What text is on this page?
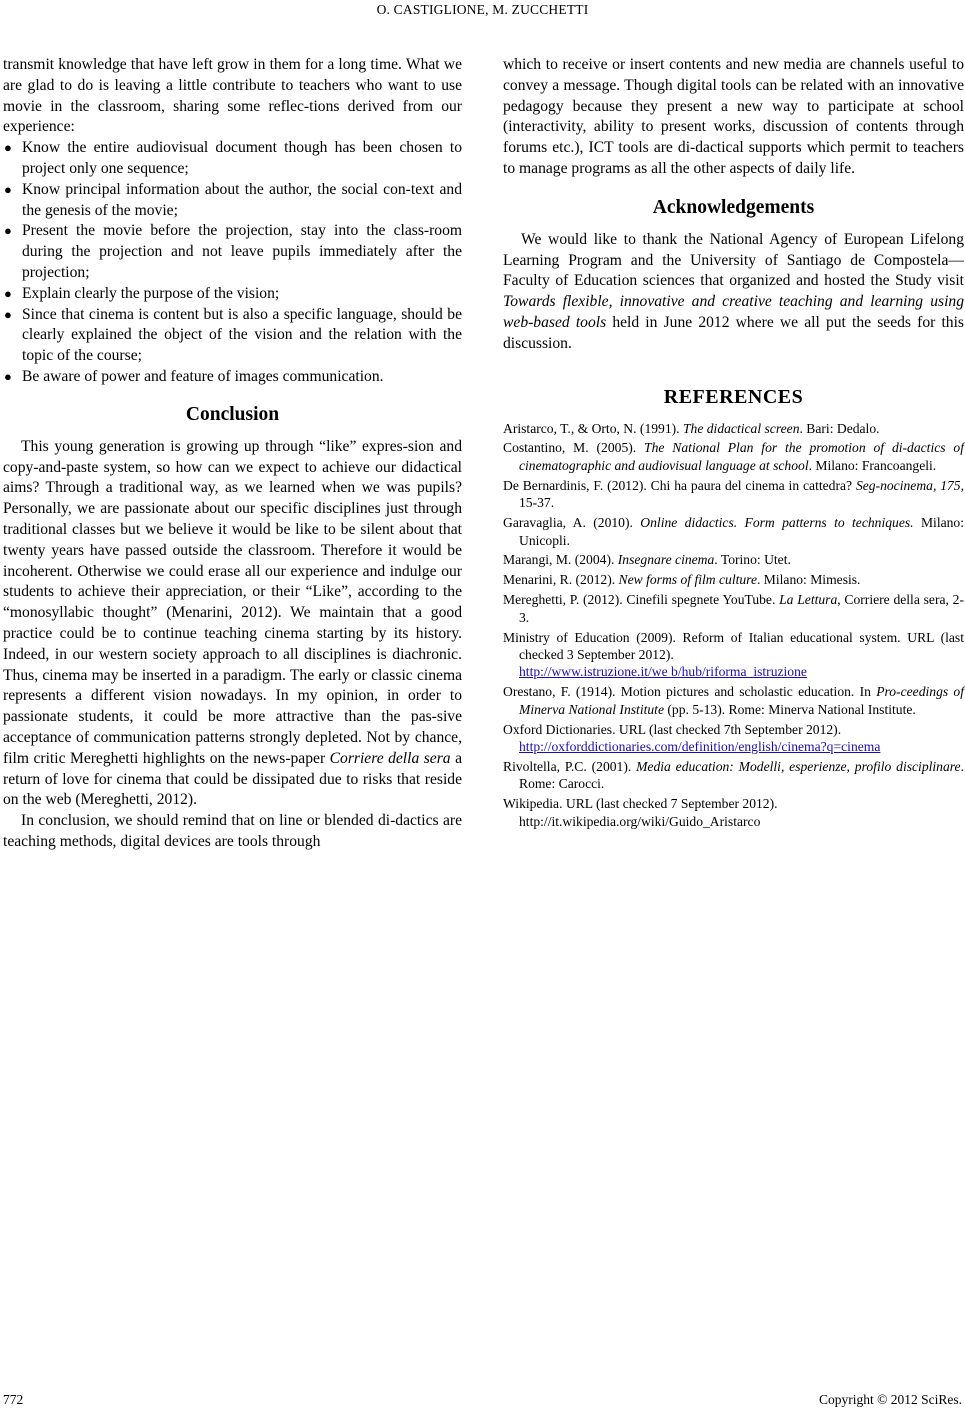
O. CASTIGLIONE, M. ZUCCHETTI

transmit knowledge that have left grow in them for a long time. What we are glad to do is leaving a little contribute to teachers who want to use movie in the classroom, sharing some reflec-tions derived from our experience:

● Know the entire audiovisual document though has been chosen to project only one sequence;
● Know principal information about the author, the social con-text and the genesis of the movie;
● Present the movie before the projection, stay into the class-room during the projection and not leave pupils immediately after the projection;
● Explain clearly the purpose of the vision;
● Since that cinema is content but is also a specific language, should be clearly explained the object of the vision and the relation with the topic of the course;
● Be aware of power and feature of images communication.
Conclusion

This young generation is growing up through “like” expres-sion and copy-and-paste system, so how can we expect to achieve our didactical aims? Through a traditional way, as we learned when we was pupils? Personally, we are passionate about our specific disciplines just through traditional classes but we believe it would be like to be silent about that twenty years have passed outside the classroom. Therefore it would be incoherent. Otherwise we could erase all our experience and indulge our students to achieve their appreciation, or their “Like”, according to the “monosyllabic thought” (Menarini, 2012). We maintain that a good practice could be to continue teaching cinema starting by its history. Indeed, in our western society approach to all disciplines is diachronic. Thus, cinema may be inserted in a paradigm. The early or classic cinema represents a different vision nowadays. In my opinion, in order to passionate students, it could be more attractive than the pas-sive acceptance of communication patterns strongly depleted. Not by chance, film critic Mereghetti highlights on the news-paper Corriere della sera a return of love for cinema that could be dissipated due to risks that reside on the web (Mereghetti, 2012).

In conclusion, we should remind that on line or blended di-dactics are teaching methods, digital devices are tools through

which to receive or insert contents and new media are channels useful to convey a message. Though digital tools can be related with an innovative pedagogy because they present a new way to participate at school (interactivity, ability to present works, discussion of contents through forums etc.), ICT tools are di-dactical supports which permit to teachers to manage programs as all the other aspects of daily life.

Acknowledgements

We would like to thank the National Agency of European Lifelong Learning Program and the University of Santiago de Compostela—Faculty of Education sciences that organized and hosted the Study visit Towards flexible, innovative and creative teaching and learning using web-based tools held in June 2012 where we all put the seeds for this discussion.

REFERENCES
Aristarco, T., & Orto, N. (1991). The didactical screen. Bari: Dedalo.
Costantino, M. (2005). The National Plan for the promotion of di-dactics of cinematographic and audiovisual language at school. Milano: Francoangeli.
De Bernardinis, F. (2012). Chi ha paura del cinema in cattedra? Seg-nocinema, 175, 15-37.
Garavaglia, A. (2010). Online didactics. Form patterns to techniques. Milano: Unicopli.
Marangi, M. (2004). Insegnare cinema. Torino: Utet.
Menarini, R. (2012). New forms of film culture. Milano: Mimesis.
Mereghetti, P. (2012). Cinefili spegnete YouTube. La Lettura, Corriere della sera, 2-3.
Ministry of Education (2009). Reform of Italian educational system. URL (last checked 3 September 2012).
http://www.istruzione.it/we b/hub/riforma_istruzione
Orestano, F. (1914). Motion pictures and scholastic education. In Pro-ceedings of Minerva National Institute (pp. 5-13). Rome: Minerva National Institute.
Oxford Dictionaries. URL (last checked 7th September 2012).
http://oxforddictionaries.com/definition/english/cinema?q=cinema
Rivoltella, P.C. (2001). Media education: Modelli, esperienze, profilo disciplinare. Rome: Carocci.
Wikipedia. URL (last checked 7 September 2012).
http://it.wikipedia.org/wiki/Guido_Aristarco
772	Copyright © 2012 SciRes.
